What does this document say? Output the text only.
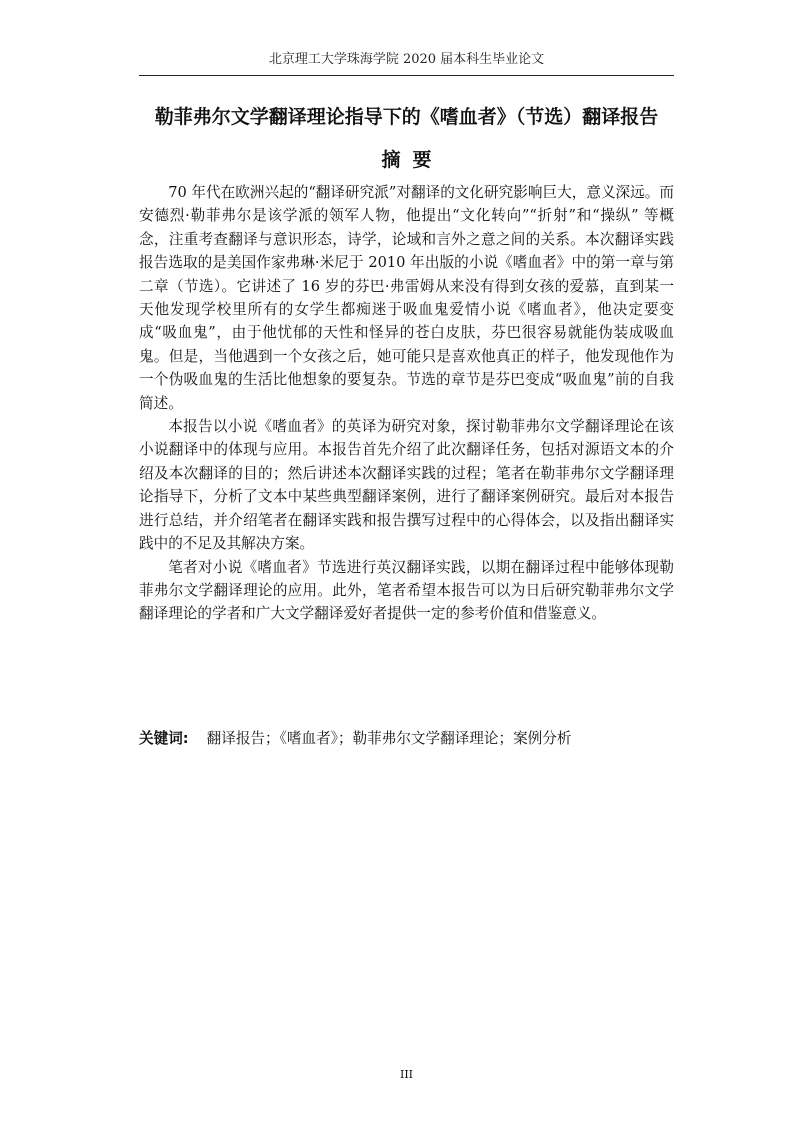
北京理工大学珠海学院 2020 届本科生毕业论文
勒菲弗尔文学翻译理论指导下的《嗜血者》（节选）翻译报告
摘要

70 年代在欧洲兴起的“翻译研究派”对翻译的文化研究影响巨大，意义深远。而安德烈·勒菲弗尔是该学派的领军人物，他提出“文化转向”“折射”和“操纵” 等概念，注重考查翻译与意识形态，诗学，论域和言外之意之间的关系。本次翻译实践报告选取的是美国作家弗琳·米尼于 2010 年出版的小说《嗜血者》中的第一章与第二章（节选）。它讲述了 16 岁的芬巴·弗雷姆从来没有得到女孩的爱慕，直到某一天他发现学校里所有的女学生都痴迷于吸血鬼爱情小说《嗜血者》，他决定要变成“吸血鬼”，由于他忧郁的天性和怪异的苍白皮肤，芬巴很容易就能伪装成吸血鬼。但是，当他遇到一个女孩之后，她可能只是喜欢他真正的样子，他发现他作为一个伪吸血鬼的生活比他想象的要复杂。节选的章节是芬巴变成“吸血鬼”前的自我简述。

本报告以小说《嗜血者》的英译为研究对象，探讨勒菲弗尔文学翻译理论在该小说翻译中的体现与应用。本报告首先介绍了此次翻译任务，包括对源语文本的介绍及本次翻译的目的；然后讲述本次翻译实践的过程；笔者在勒菲弗尔文学翻译理论指导下，分析了文本中某些典型翻译案例，进行了翻译案例研究。最后对本报告进行总结，并介绍笔者在翻译实践和报告撰写过程中的心得体会，以及指出翻译实践中的不足及其解决方案。

笔者对小说《嗜血者》节选进行英汉翻译实践，以期在翻译过程中能够体现勒菲弗尔文学翻译理论的应用。此外，笔者希望本报告可以为日后研究勒菲弗尔文学翻译理论的学者和广大文学翻译爱好者提供一定的参考价值和借鉴意义。

关键词: 翻译报告；《嗜血者》；勒菲弗尔文学翻译理论；案例分析
III
